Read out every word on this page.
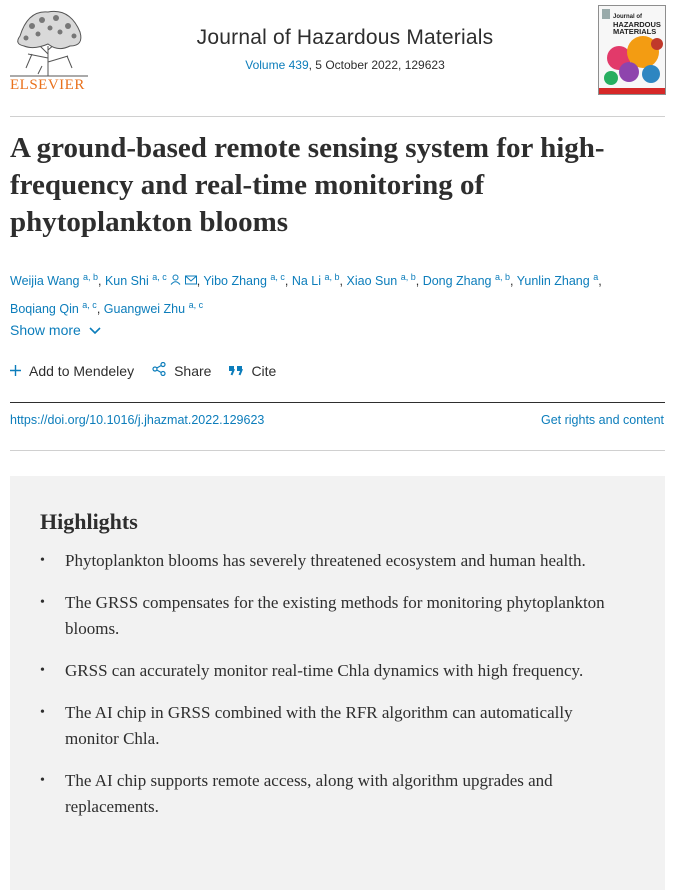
ELSEVIER
Journal of Hazardous Materials
Volume 439, 5 October 2022, 129623
Journal of
HAZARDOUS
MATERIALS
A ground-based remote sensing system for high-frequency and real-time monitoring of phytoplankton blooms
Weijia Wang $^{a, b}$, Kun Shi $^{a, c}$ , Yibo Zhang $^{a, c}$, Na Li $^{a, b}$, Xiao Sun $^{a, b}$, Dong Zhang $^{a, b}$, Yunlin Zhang $^a$,
Boqiang Qin $^{a, c}$, Guangwei Zhu $^{a, c}$
Show more
Add to Mendeley	Share	Cite
https://doi.org/10.1016/j.jhazmat.2022.129623	Get rights and content
Highlights
• Phytoplankton blooms has severely threatened ecosystem and human health.
• The GRSS compensates for the existing methods for monitoring phytoplankton blooms.
• GRSS can accurately monitor real-time Chla dynamics with high frequency.
• The AI chip in GRSS combined with the RFR algorithm can automatically monitor Chla.
• The AI chip supports remote access, along with algorithm upgrades and replacements.
